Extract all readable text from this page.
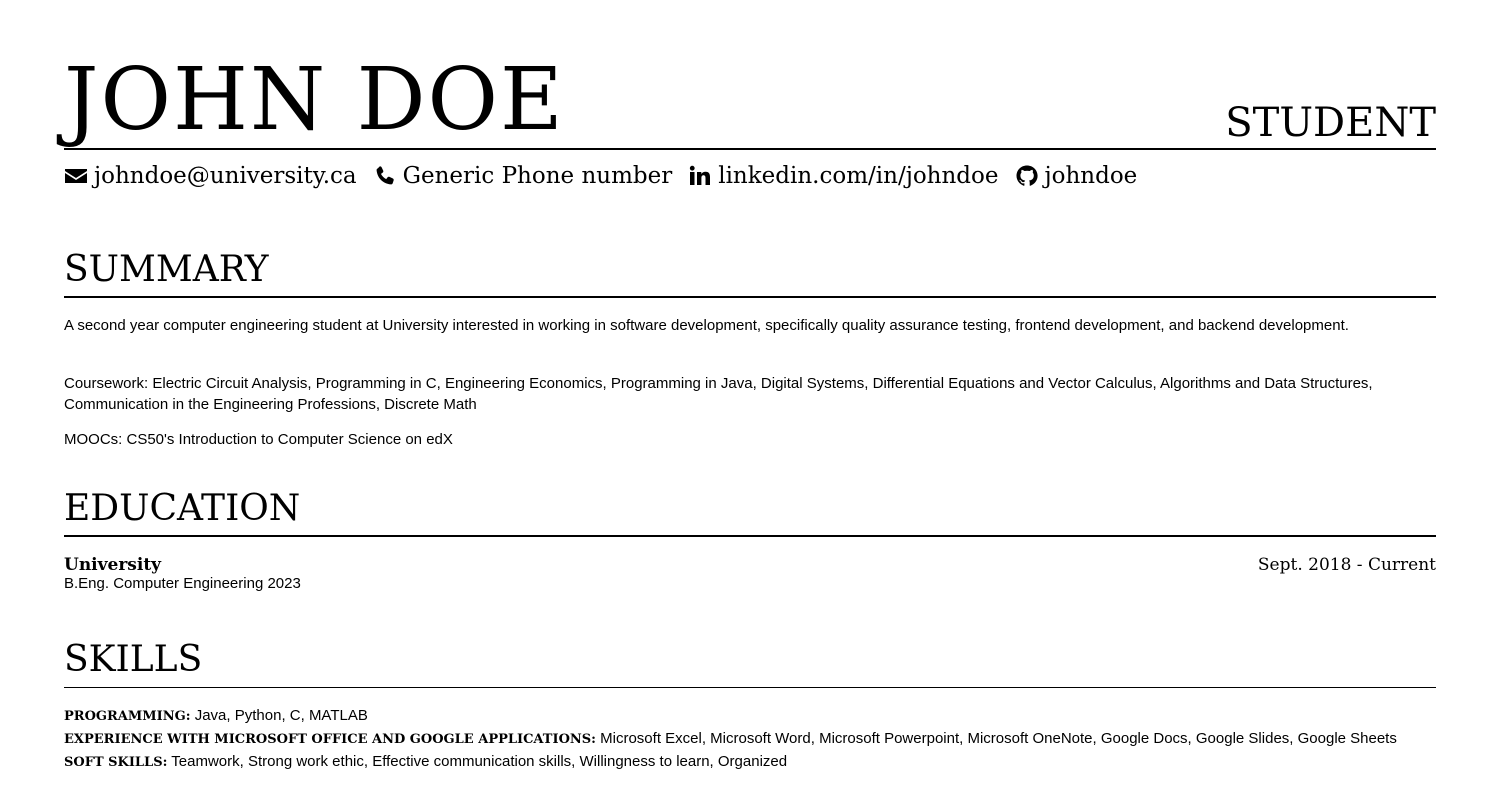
JOHN DOE	STUDENT
johndoe@university.ca Generic Phone number linkedin.com/in/johndoe johndoe
SUMMARY

A second year computer engineering student at University interested in working in software development, specifically quality assurance testing, frontend development, and backend development.

Coursework: Electric Circuit Analysis, Programming in C, Engineering Economics, Programming in Java, Digital Systems, Differential Equations and Vector Calculus, Algorithms and Data Structures, Communication in the Engineering Professions, Discrete Math

MOOCs: CS50's Introduction to Computer Science on edX

EDUCATION
University
B.Eng. Computer Engineering 2023
Sept. 2018 - Current
SKILLS
PROGRAMMING: Java, Python, C, MATLAB
EXPERIENCE WITH MICROSOFT OFFICE AND GOOGLE APPLICATIONS: Microsoft Excel, Microsoft Word, Microsoft Powerpoint, Microsoft OneNote, Google Docs, Google Slides, Google Sheets
SOFT SKILLS: Teamwork, Strong work ethic, Effective communication skills, Willingness to learn, Organized
